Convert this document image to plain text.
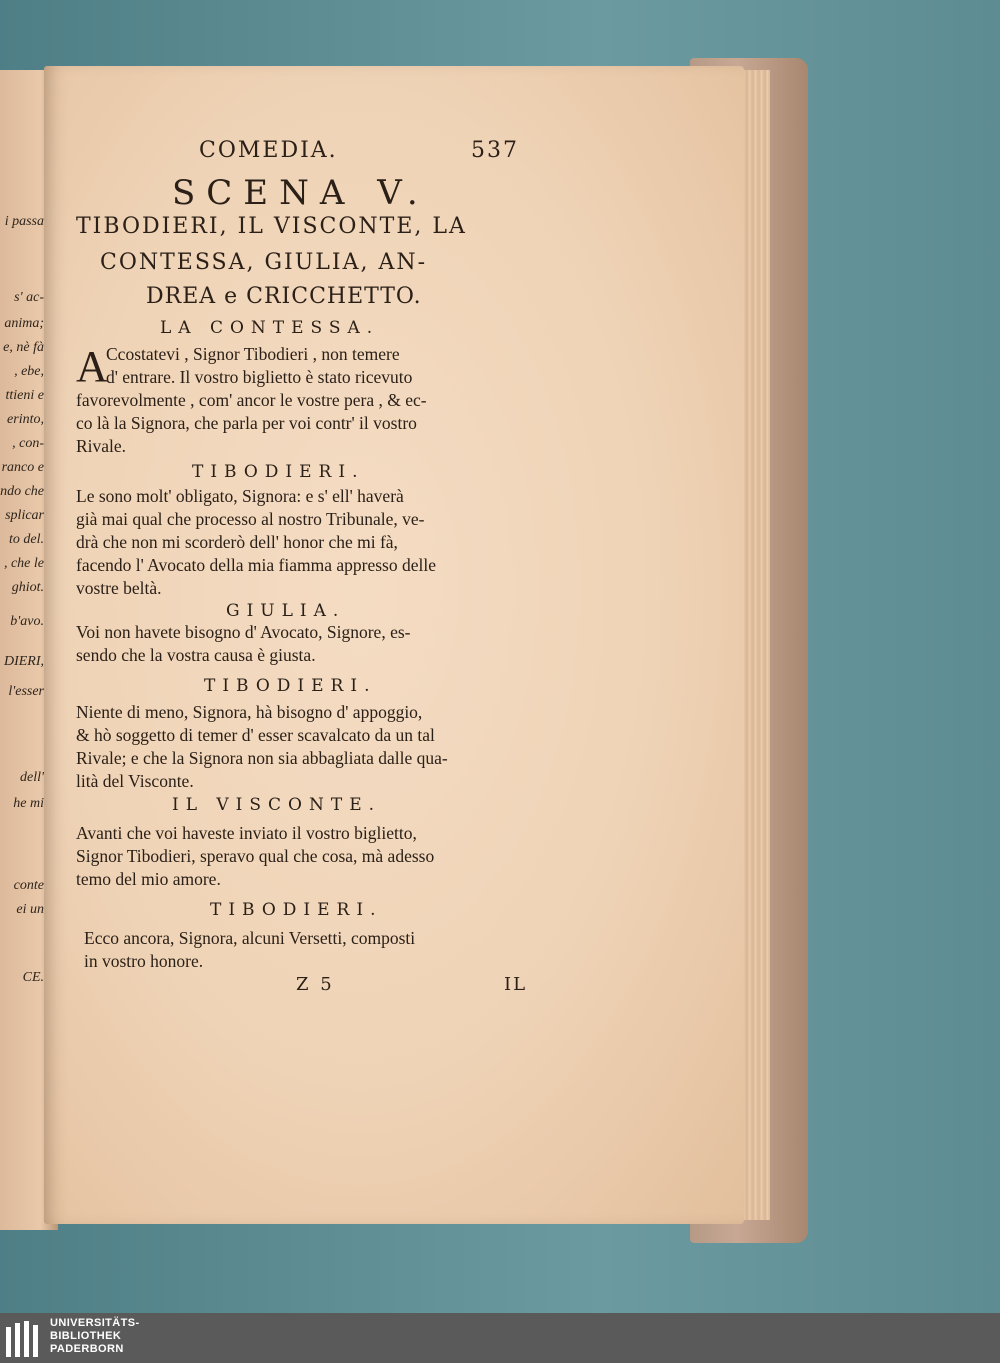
i passa
s' ac-
anima;
e, nè fà
, ebe,
ttieni e
erinto,
, con-
ranco e
ndo che
splicar
to del.
, che le
ghiot.
b'avo.
DIERI,
l'esser
dell'
he mi
conte
ei un
CE.
COMEDIA.	537
SCENA V.
TIBODIERI, IL VISCONTE, LA
CONTESSA, GIULIA, AN-
DREA e CRICCHETTO.
LA CONTESSA.
A
Ccostatevi , Signor Tibodieri , non temere
d' entrare. Il vostro biglietto è stato ricevuto
favorevolmente , com' ancor le vostre pera , & ec-
co là la Signora, che parla per voi contr' il vostro
Rivale.
TIBODIERI.
Le sono molt' obligato, Signora: e s' ell' haverà
già mai qual che processo al nostro Tribunale, ve-
drà che non mi scorderò dell' honor che mi fà,
facendo l' Avocato della mia fiamma appresso delle
vostre beltà.
GIULIA.
Voi non havete bisogno d' Avocato, Signore, es-
sendo che la vostra causa è giusta.
TIBODIERI.
Niente di meno, Signora, hà bisogno d' appoggio,
& hò soggetto di temer d' esser scavalcato da un tal
Rivale; e che la Signora non sia abbagliata dalle qua-
lità del Visconte.
IL VISCONTE.
Avanti che voi haveste inviato il vostro biglietto,
Signor Tibodieri, speravo qual che cosa, mà adesso
temo del mio amore.
TIBODIERI.
Ecco ancora, Signora, alcuni Versetti, composti
in vostro honore.
Z 5	IL
UNIVERSITÄTS-
BIBLIOTHEK
PADERBORN
